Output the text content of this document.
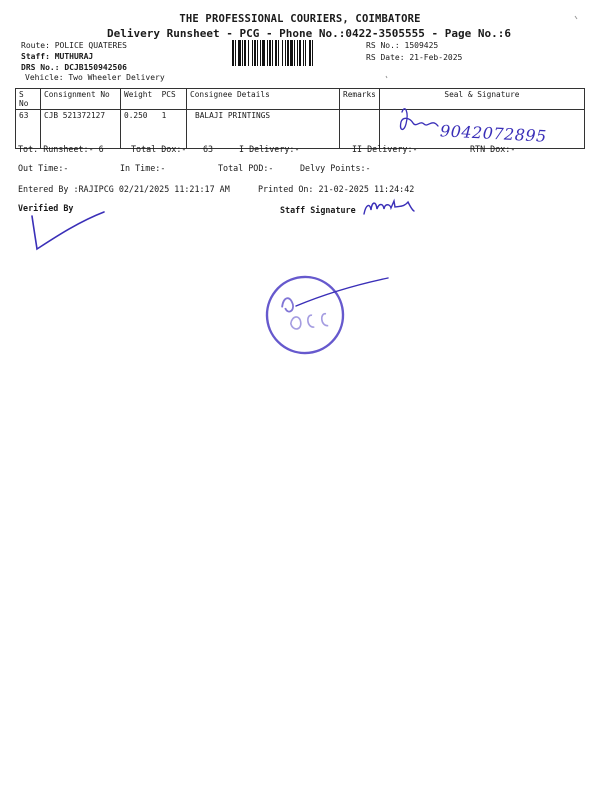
THE PROFESSIONAL COURIERS, COIMBATORE
Delivery Runsheet - PCG - Phone No.:0422-3505555 - Page No.:6
Route: POLICE QUATERES
Staff: MUTHURAJ
DRS No.: DCJB150942506
Vehicle: Two Wheeler Delivery
RS No.: 1509425
RS Date: 21-Feb-2025
S No	Consignment No	Weight PCS	Consignee Details	Remarks	Seal & Signature
63	CJB 521372127	0.250 1	BALAJI PRINTINGS		
Tot. Runsheet:- 6	Total Dox:- 63	I Delivery:-	II Delivery:-	RTN Dox:-
Out Time:-	In Time:-	Total POD:-	Delvy Points:-
Entered By :RAJIPCG 02/21/2025 11:21:17 AM	Printed On: 21-02-2025 11:24:42
Verified By	Staff Signature
9042072895
